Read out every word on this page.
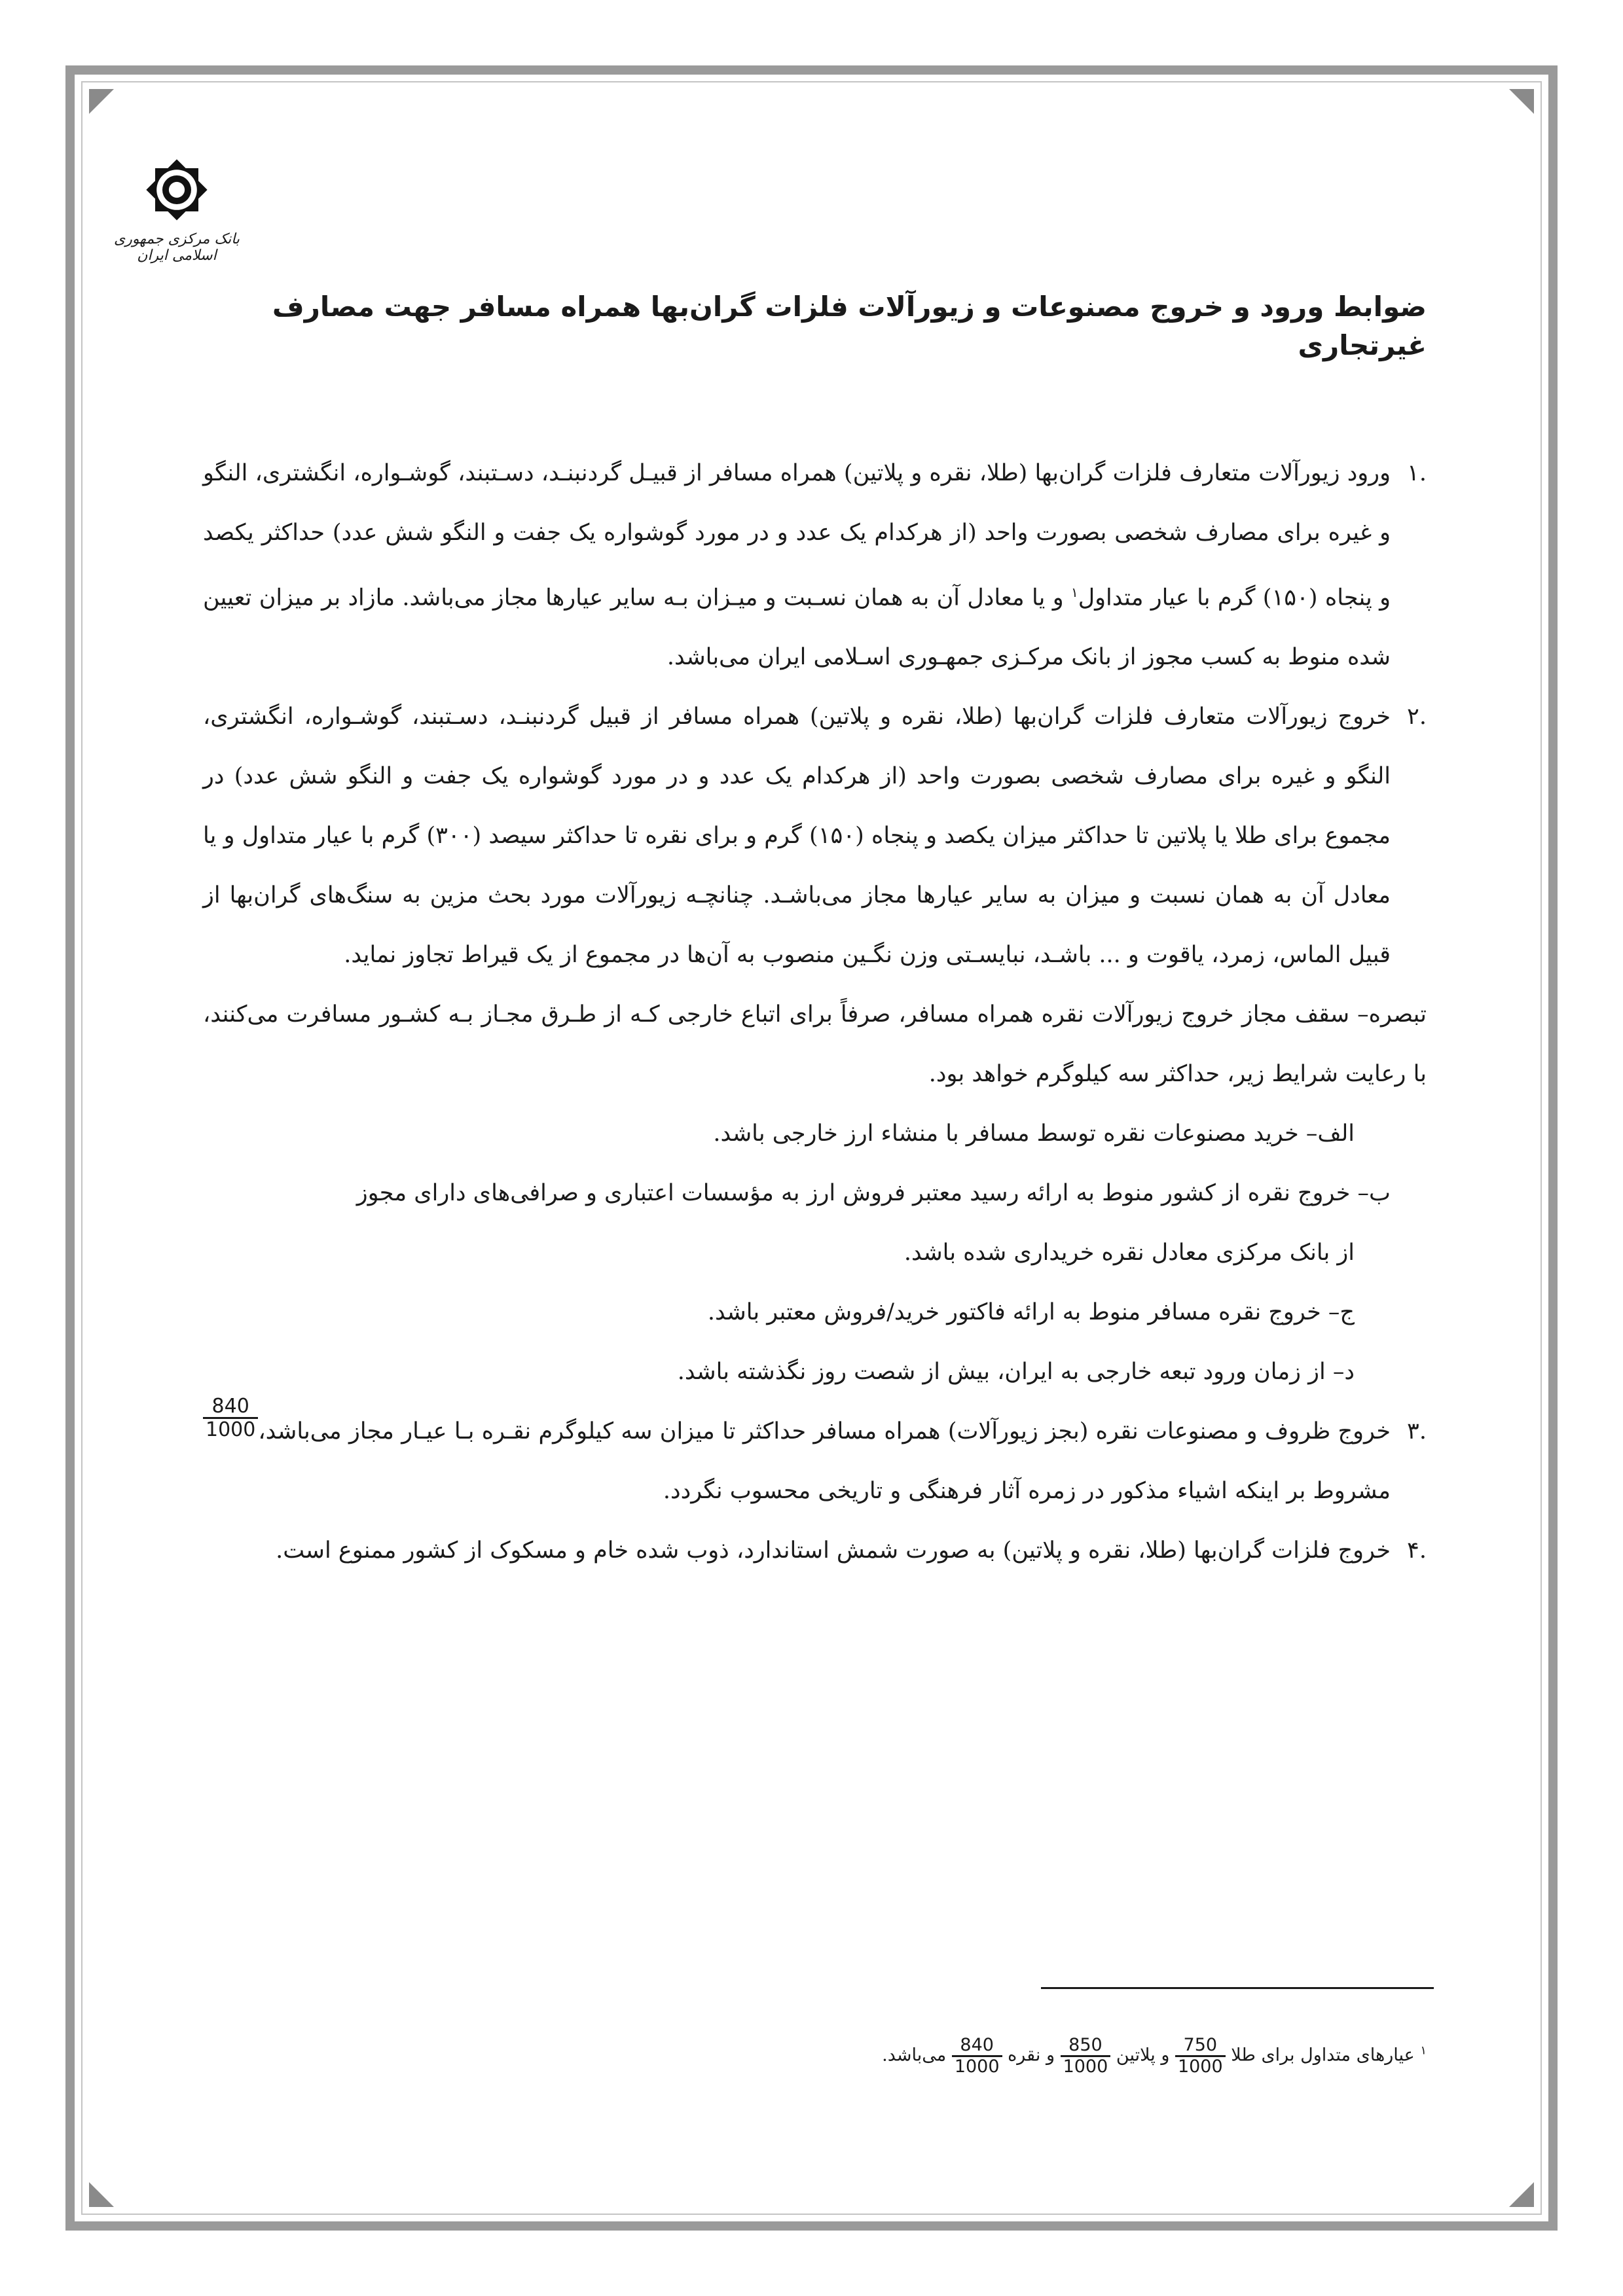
بانک مرکزی جمهوری اسلامی ایران
ضوابط ورود و خروج مصنوعات و زیورآلات فلزات گران‌بها همراه مسافر جهت مصارف غیرتجاری
.۱
ورود زیورآلات متعارف فلزات گران‌بها (طلا، نقره و پلاتین) همراه مسافر از قبیـل گردنبنـد، دسـتبند، گوشـواره، انگشتری، النگو و غیره برای مصارف شخصی بصورت واحد (از هرکدام یک عدد و در مورد گوشواره یک جفت و النگو شش عدد) حداکثر یکصد و پنجاه (۱۵۰) گرم با عیار متداول$^۱$ و یا معادل آن به همان نسـبت و میـزان بـه سایر عیارها مجاز می‌باشد. مازاد بر میزان تعیین شده منوط به کسب مجوز از بانک مرکـزی جمهـوری اسـلامی ایران می‌باشد.
.۲
خروج زیورآلات متعارف فلزات گران‌بها (طلا، نقره و پلاتین) همراه مسافر از قبیل گردنبنـد، دسـتبند، گوشـواره، انگشتری، النگو و غیره برای مصارف شخصی بصورت واحد (از هرکدام یک عدد و در مورد گوشواره یک جفت و النگو شش عدد) در مجموع برای طلا یا پلاتین تا حداکثر میزان یکصد و پنجاه (۱۵۰) گرم و برای نقره تا حداکثر سیصد (۳۰۰) گرم با عیار متداول و یا معادل آن به همان نسبت و میزان به سایر عیارها مجاز می‌باشـد. چنانچـه زیورآلات مورد بحث مزین به سنگ‌های گران‌بها از قبیل الماس، زمرد، یاقوت و ... باشـد، نبایسـتی وزن نگـین منصوب به آن‌ها در مجموع از یک قیراط تجاوز نماید.

تبصره– سقف مجاز خروج زیورآلات نقره همراه مسافر، صرفاً برای اتباع خارجی کـه از طـرق مجـاز بـه کشـور مسافرت می‌کنند، با رعایت شرایط زیر، حداکثر سه کیلوگرم خواهد بود.

الف– خرید مصنوعات نقره توسط مسافر با منشاء ارز خارجی باشد.

ب– خروج نقره از کشور منوط به ارائه رسید معتبر فروش ارز به مؤسسات اعتباری و صرافی‌های دارای مجوز

از بانک مرکزی معادل نقره خریداری شده باشد.

ج– خروج نقره مسافر منوط به ارائه فاکتور خرید/فروش معتبر باشد.

د– از زمان ورود تبعه خارجی به ایران، بیش از شصت روز نگذشته باشد.

.۳
$\frac{840}{1000}$ خروج ظروف و مصنوعات نقره (بجز زیورآلات) همراه مسافر حداکثر تا میزان سه کیلوگرم نقـره بـا عیـار مجاز می‌باشد، مشروط بر اینکه اشیاء مذکور در زمره آثار فرهنگی و تاریخی محسوب نگردد.
.۴
خروج فلزات گران‌بها (طلا، نقره و پلاتین) به صورت شمش استاندارد، ذوب شده خام و مسکوک از کشور ممنوع است.
$^۱$ عیارهای متداول برای طلا
$\frac{750}{1000}$
و پلاتین
$\frac{850}{1000}$
و نقره
$\frac{840}{1000}$
می‌باشد.
